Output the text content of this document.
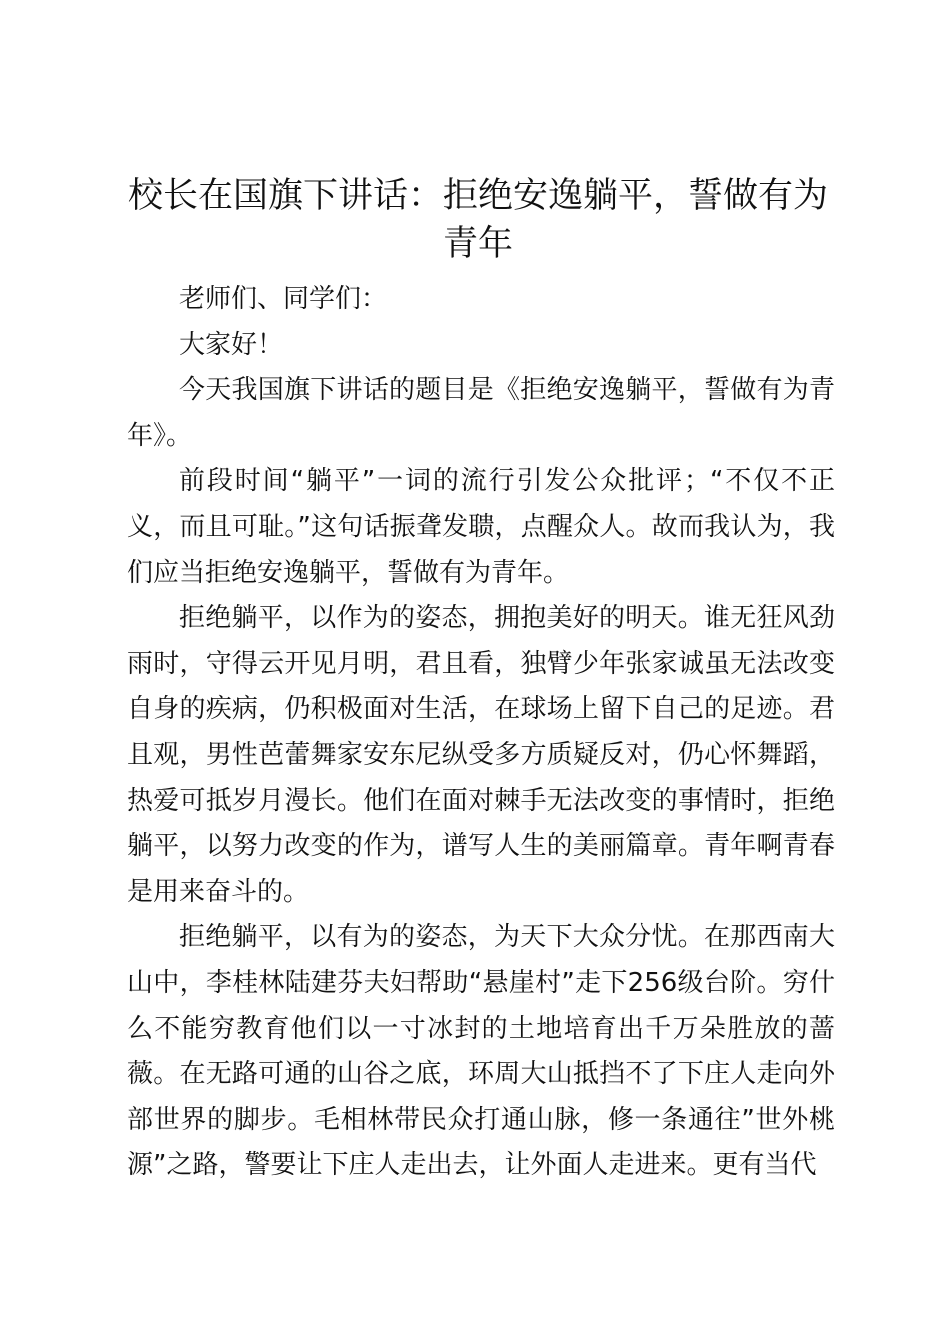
校长在国旗下讲话：拒绝安逸躺平，誓做有为青年

老师们、同学们：

大家好！

今天我国旗下讲话的题目是《拒绝安逸躺平，誓做有为青年》。

前段时间“躺平”一词的流行引发公众批评；“不仅不正义，而且可耻。”这句话振聋发聩，点醒众人。故而我认为，我们应当拒绝安逸躺平，誓做有为青年。

拒绝躺平，以作为的姿态，拥抱美好的明天。谁无狂风劲雨时，守得云开见月明，君且看，独臂少年张家诚虽无法改变自身的疾病，仍积极面对生活，在球场上留下自己的足迹。君且观，男性芭蕾舞家安东尼纵受多方质疑反对，仍心怀舞蹈，热爱可抵岁月漫长。他们在面对棘手无法改变的事情时，拒绝躺平，以努力改变的作为，谱写人生的美丽篇章。青年啊青春是用来奋斗的。

拒绝躺平，以有为的姿态，为天下大众分忧。在那西南大山中，李桂林陆建芬夫妇帮助“悬崖村”走下256级台阶。穷什么不能穷教育他们以一寸冰封的土地培育出千万朵胜放的蔷薇。在无路可通的山谷之底，环周大山抵挡不了下庄人走向外部世界的脚步。毛相林带民众打通山脉，修一条通往”世外桃源”之路，警要让下庄人走出去，让外面人走进来。更有当代
